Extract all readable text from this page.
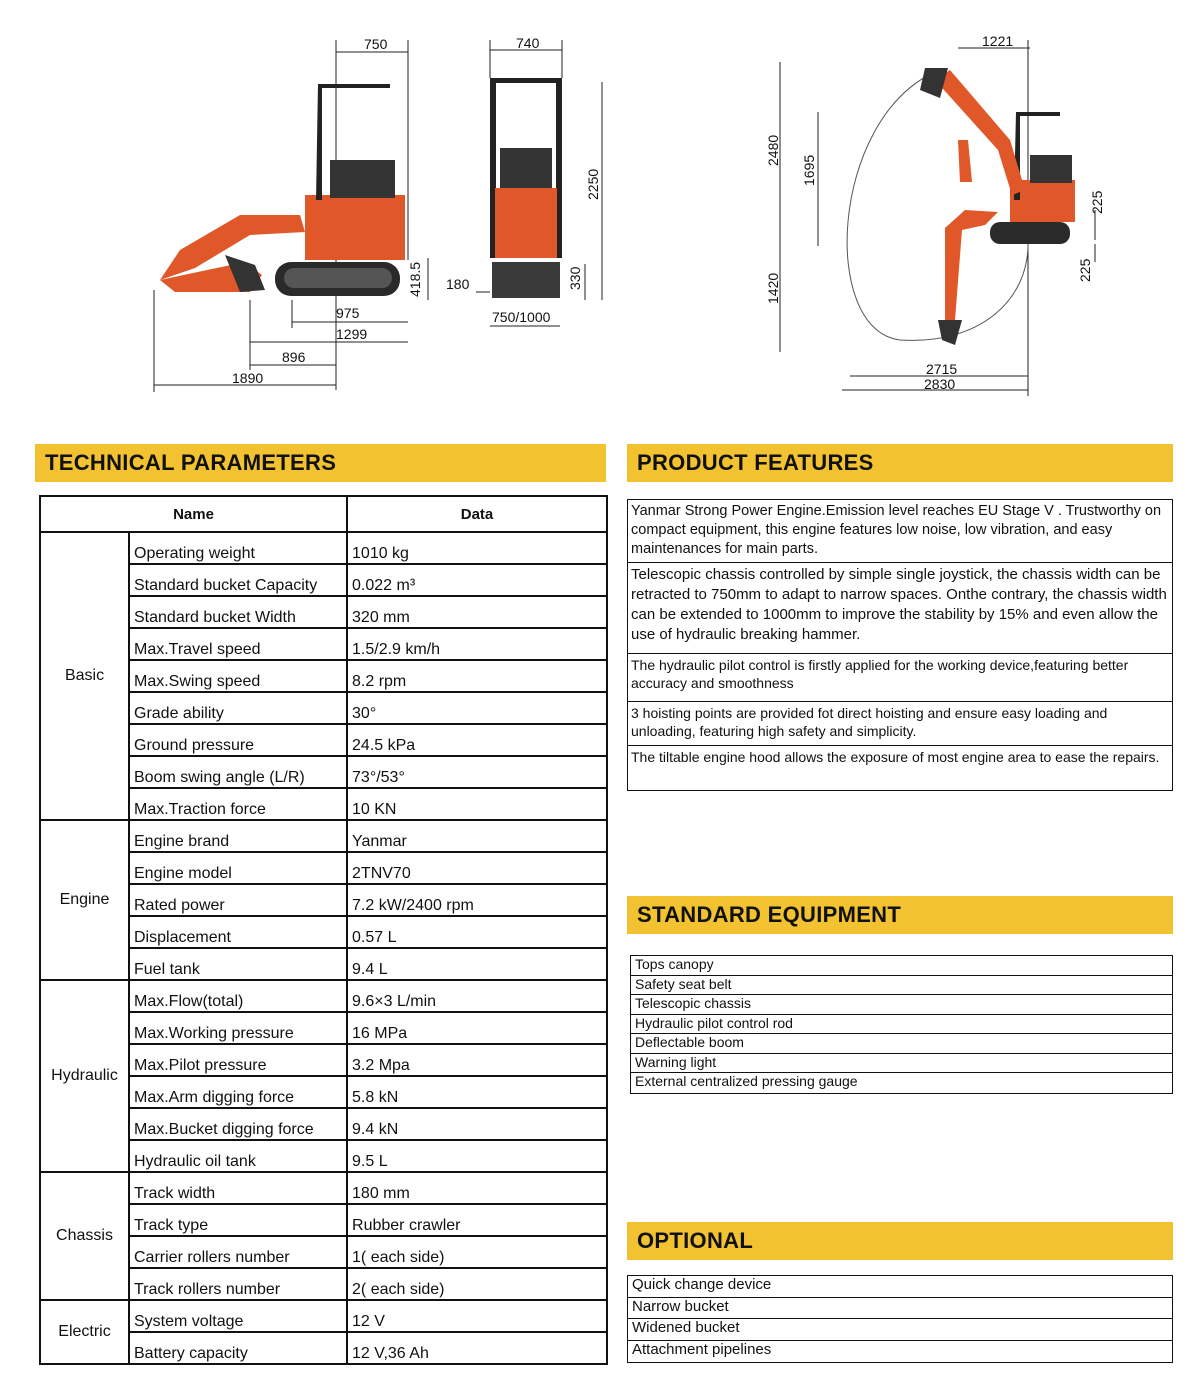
750
418.5
975
1299
896
1890
740
2250
180	330
750/1000
1221
2480
1695
225
225
1420
2715
2830
TECHNICAL PARAMETERS
Name		Data
Basic	Operating weight	1010 kg
	Standard bucket Capacity	0.022 m³
	Standard bucket Width	320 mm
	Max.Travel speed	1.5/2.9 km/h
	Max.Swing speed	8.2 rpm
	Grade ability	30°
	Ground pressure	24.5 kPa
	Boom swing angle (L/R)	73°/53°
	Max.Traction force	10 KN
Engine	Engine brand	Yanmar
	Engine model	2TNV70
	Rated power	7.2 kW/2400 rpm
	Displacement	0.57 L
	Fuel tank	9.4 L
Hydraulic	Max.Flow(total)	9.6×3 L/min
	Max.Working pressure	16 MPa
	Max.Pilot pressure	3.2 Mpa
	Max.Arm digging force	5.8 kN
	Max.Bucket digging force	9.4 kN
	Hydraulic oil tank	9.5 L
Chassis	Track width	180 mm
	Track type	Rubber crawler
	Carrier rollers number	1( each side)
	Track rollers number	2( each side)
Electric	System voltage	12 V
	Battery capacity	12 V,36 Ah
PRODUCT FEATURES
Yanmar Strong Power Engine.Emission level reaches EU Stage V . Trustworthy on compact equipment, this engine features low noise, low vibration, and easy maintenances for main parts.
Telescopic chassis controlled by simple single joystick, the chassis width can be retracted to 750mm to adapt to narrow spaces. Onthe contrary, the chassis width can be extended to 1000mm to improve the stability by 15% and even allow the use of hydraulic breaking hammer.
The hydraulic pilot control is firstly applied for the working device,featuring better accuracy and smoothness
3 hoisting points are provided fot direct hoisting and ensure easy loading and unloading, featuring high safety and simplicity.
The tiltable engine hood allows the exposure of most engine area to ease the repairs.
STANDARD EQUIPMENT
Tops canopy
Safety seat belt
Telescopic chassis
Hydraulic pilot control rod
Deflectable boom
Warning light
External centralized pressing gauge
OPTIONAL
Quick change device
Narrow bucket
Widened bucket
Attachment pipelines
